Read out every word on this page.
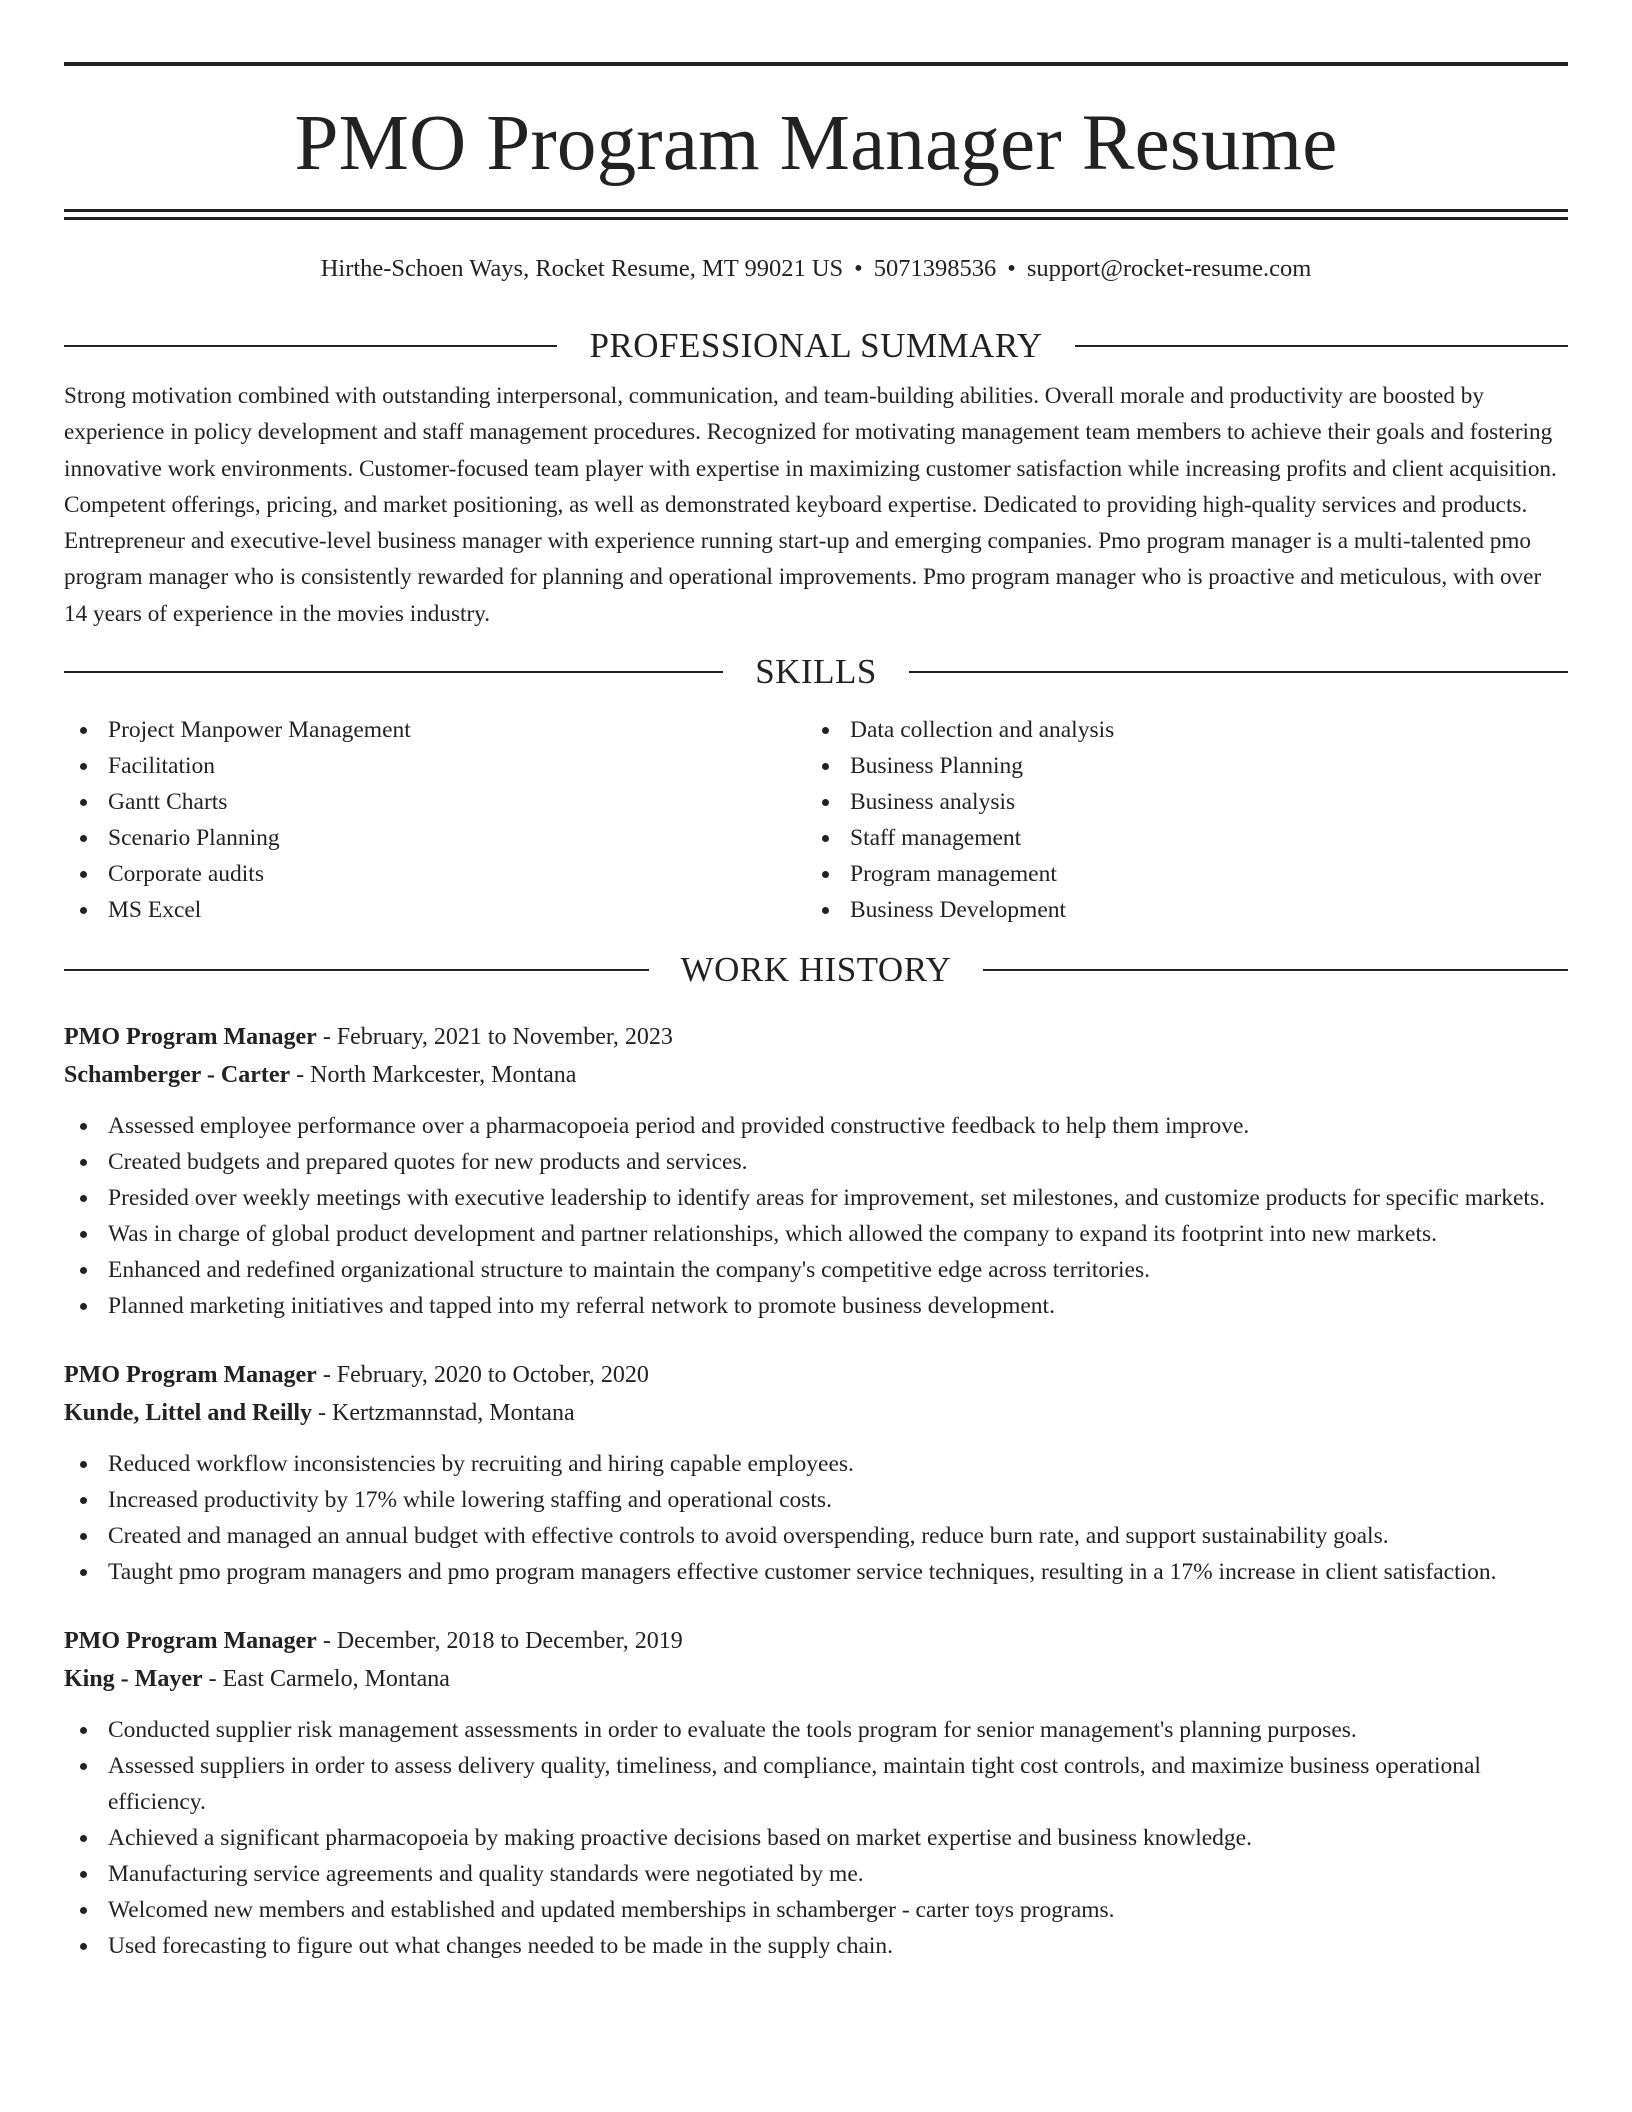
PMO Program Manager Resume
Hirthe-Schoen Ways, Rocket Resume, MT 99021 US • 5071398536 • support@rocket-resume.com
PROFESSIONAL SUMMARY
Strong motivation combined with outstanding interpersonal, communication, and team-building abilities. Overall morale and productivity are boosted by experience in policy development and staff management procedures. Recognized for motivating management team members to achieve their goals and fostering innovative work environments. Customer-focused team player with expertise in maximizing customer satisfaction while increasing profits and client acquisition. Competent offerings, pricing, and market positioning, as well as demonstrated keyboard expertise. Dedicated to providing high-quality services and products. Entrepreneur and executive-level business manager with experience running start-up and emerging companies. Pmo program manager is a multi-talented pmo program manager who is consistently rewarded for planning and operational improvements. Pmo program manager who is proactive and meticulous, with over 14 years of experience in the movies industry.
SKILLS
Project Manpower Management
Facilitation
Gantt Charts
Scenario Planning
Corporate audits
MS Excel
Data collection and analysis
Business Planning
Business analysis
Staff management
Program management
Business Development
WORK HISTORY
PMO Program Manager - February, 2021 to November, 2023
Schamberger - Carter - North Markcester, Montana
Assessed employee performance over a pharmacopoeia period and provided constructive feedback to help them improve.
Created budgets and prepared quotes for new products and services.
Presided over weekly meetings with executive leadership to identify areas for improvement, set milestones, and customize products for specific markets.
Was in charge of global product development and partner relationships, which allowed the company to expand its footprint into new markets.
Enhanced and redefined organizational structure to maintain the company's competitive edge across territories.
Planned marketing initiatives and tapped into my referral network to promote business development.
PMO Program Manager - February, 2020 to October, 2020
Kunde, Littel and Reilly - Kertzmannstad, Montana
Reduced workflow inconsistencies by recruiting and hiring capable employees.
Increased productivity by 17% while lowering staffing and operational costs.
Created and managed an annual budget with effective controls to avoid overspending, reduce burn rate, and support sustainability goals.
Taught pmo program managers and pmo program managers effective customer service techniques, resulting in a 17% increase in client satisfaction.
PMO Program Manager - December, 2018 to December, 2019
King - Mayer - East Carmelo, Montana
Conducted supplier risk management assessments in order to evaluate the tools program for senior management's planning purposes.
Assessed suppliers in order to assess delivery quality, timeliness, and compliance, maintain tight cost controls, and maximize business operational efficiency.
Achieved a significant pharmacopoeia by making proactive decisions based on market expertise and business knowledge.
Manufacturing service agreements and quality standards were negotiated by me.
Welcomed new members and established and updated memberships in schamberger - carter toys programs.
Used forecasting to figure out what changes needed to be made in the supply chain.
